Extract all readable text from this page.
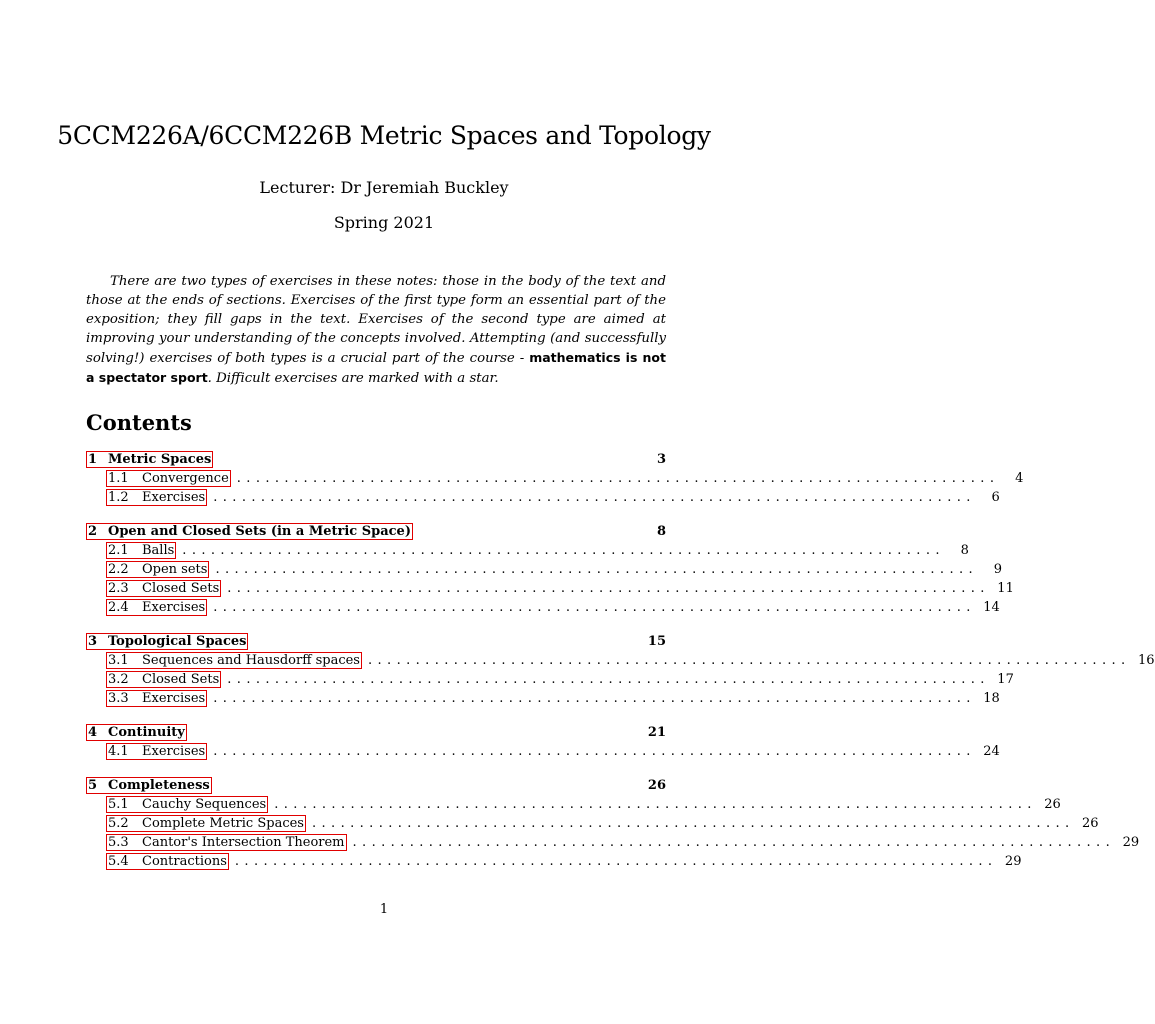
5CCM226A/6CCM226B Metric Spaces and Topology
Lecturer: Dr Jeremiah Buckley
Spring 2021

There are two types of exercises in these notes: those in the body of the text and those at the ends of sections. Exercises of the first type form an essential part of the exposition; they fill gaps in the text. Exercises of the second type are aimed at improving your understanding of the concepts involved. Attempting (and successfully solving!) exercises of both types is a crucial part of the course - mathematics is not a spectator sport. Difficult exercises are marked with a star.

Contents
1 Metric Spaces	3
1.1	Convergence ................................................................................	4
1.2	Exercises ................................................................................	6
2 Open and Closed Sets (in a Metric Space)	8
2.1	Balls ................................................................................	8
2.2	Open sets ................................................................................	9
2.3	Closed Sets ................................................................................ 11
2.4	Exercises ................................................................................ 14
3 Topological Spaces	15
3.1	Sequences and Hausdorff spaces ................................................................................ 16
3.2	Closed Sets ................................................................................ 17
3.3	Exercises ................................................................................ 18
4 Continuity	21
4.1	Exercises ................................................................................ 24
5 Completeness	26
5.1	Cauchy Sequences ................................................................................ 26
5.2	Complete Metric Spaces ................................................................................ 26
5.3	Cantor's Intersection Theorem ................................................................................ 29
5.4	Contractions ................................................................................ 29
1
